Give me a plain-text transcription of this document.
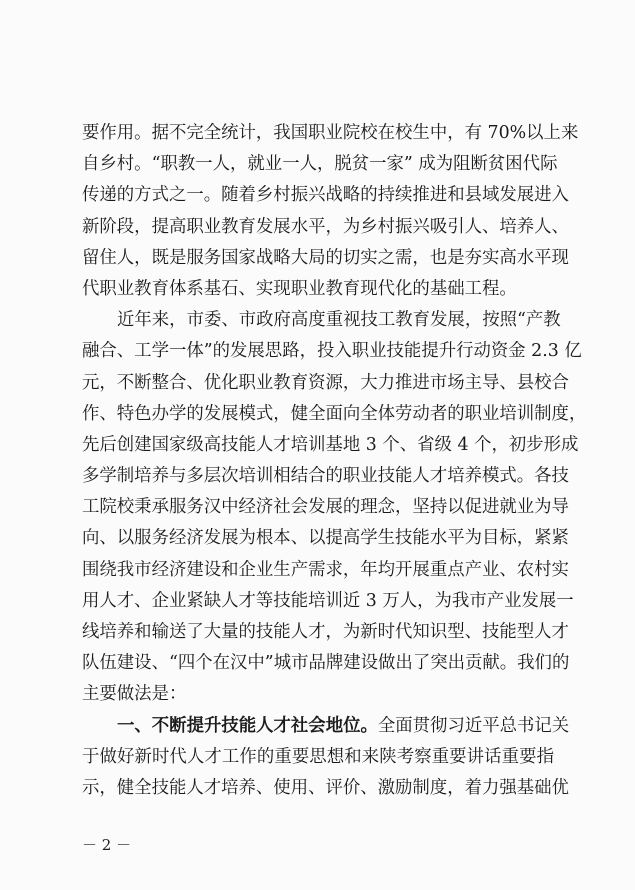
要作用。据不完全统计，我国职业院校在校生中，有 70%以上来
自乡村。“职教一人，就业一人，脱贫一家” 成为阻断贫困代际
传递的方式之一。随着乡村振兴战略的持续推进和县域发展进入
新阶段，提高职业教育发展水平，为乡村振兴吸引人、培养人、
留住人，既是服务国家战略大局的切实之需，也是夯实高水平现
代职业教育体系基石、实现职业教育现代化的基础工程。
近年来，市委、市政府高度重视技工教育发展，按照“产教
融合、工学一体”的发展思路，投入职业技能提升行动资金 2.3 亿
元，不断整合、优化职业教育资源，大力推进市场主导、县校合
作、特色办学的发展模式，健全面向全体劳动者的职业培训制度，
先后创建国家级高技能人才培训基地 3 个、省级 4 个，初步形成
多学制培养与多层次培训相结合的职业技能人才培养模式。各技
工院校秉承服务汉中经济社会发展的理念，坚持以促进就业为导
向、以服务经济发展为根本、以提高学生技能水平为目标，紧紧
围绕我市经济建设和企业生产需求，年均开展重点产业、农村实
用人才、企业紧缺人才等技能培训近 3 万人，为我市产业发展一
线培养和输送了大量的技能人才，为新时代知识型、技能型人才
队伍建设、“四个在汉中”城市品牌建设做出了突出贡献。我们的
主要做法是：
一、不断提升技能人才社会地位。全面贯彻习近平总书记关
于做好新时代人才工作的重要思想和来陕考察重要讲话重要指
示，健全技能人才培养、使用、评价、激励制度，着力强基础优
－ 2 －
